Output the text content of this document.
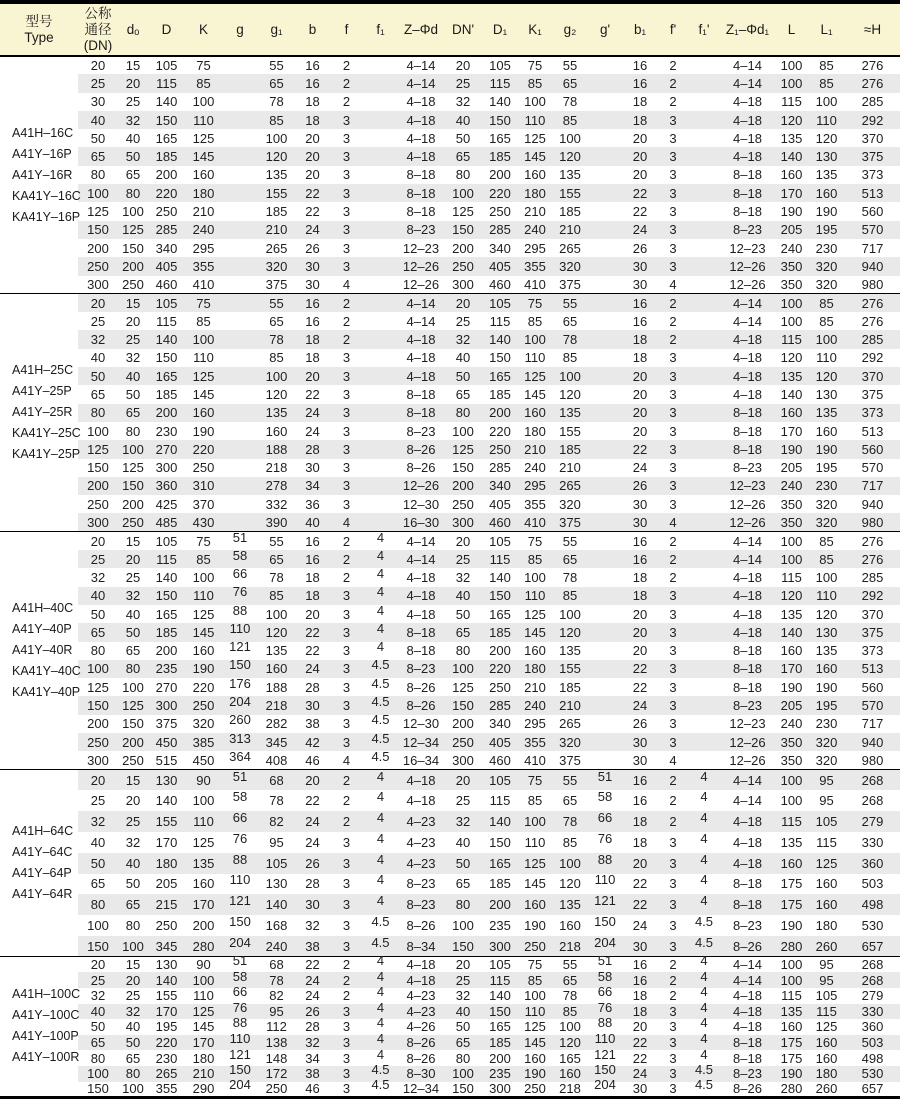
型号
Type	公称
通径
(DN)	dₒ	D	K	g	g₁	b	f	f₁	Z–Φd	DN'	D₁	K₁	g₂	g'	b₁	f'	f₁'	Z₁–Φd₁	L	L₁	≈H

A41H–16C
A41Y–16P
A41Y–16R
KA41Y–16C
KA41Y–16P	20	15	105	75		55	16	2		4–14	20	105	75	55		16	2		4–14	100	85	276
	25	20	115	85		65	16	2		4–14	25	115	85	65		16	2		4–14	100	85	276
	30	25	140	100		78	18	2		4–18	32	140	100	78		18	2		4–18	115	100	285
	40	32	150	110		85	18	3		4–18	40	150	110	85		18	3		4–18	120	110	292
	50	40	165	125		100	20	3		4–18	50	165	125	100		20	3		4–18	135	120	370
	65	50	185	145		120	20	3		4–18	65	185	145	120		20	3		4–18	140	130	375
	80	65	200	160		135	20	3		8–18	80	200	160	135		20	3		8–18	160	135	373
	100	80	220	180		155	22	3		8–18	100	220	180	155		22	3		8–18	170	160	513
	125	100	250	210		185	22	3		8–18	125	250	210	185		22	3		8–18	190	190	560
	150	125	285	240		210	24	3		8–23	150	285	240	210		24	3		8–23	205	195	570
	200	150	340	295		265	26	3		12–23	200	340	295	265		26	3		12–23	240	230	717
	250	200	405	355		320	30	3		12–26	250	405	355	320		30	3		12–26	350	320	940
	300	250	460	410		375	30	4		12–26	300	460	410	375		30	4		12–26	350	320	980

A41H–25C
A41Y–25P
A41Y–25R
KA41Y–25C
KA41Y–25P	20	15	105	75		55	16	2		4–14	20	105	75	55		16	2		4–14	100	85	276
	25	20	115	85		65	16	2		4–14	25	115	85	65		16	2		4–14	100	85	276
	32	25	140	100		78	18	2		4–18	32	140	100	78		18	2		4–18	115	100	285
	40	32	150	110		85	18	3		4–18	40	150	110	85		18	3		4–18	120	110	292
	50	40	165	125		100	20	3		4–18	50	165	125	100		20	3		4–18	135	120	370
	65	50	185	145		120	22	3		8–18	65	185	145	120		20	3		4–18	140	130	375
	80	65	200	160		135	24	3		8–18	80	200	160	135		20	3		8–18	160	135	373
	100	80	230	190		160	24	3		8–23	100	220	180	155		20	3		8–18	170	160	513
	125	100	270	220		188	28	3		8–26	125	250	210	185		22	3		8–18	190	190	560
	150	125	300	250		218	30	3		8–26	150	285	240	210		24	3		8–23	205	195	570
	200	150	360	310		278	34	3		12–26	200	340	295	265		26	3		12–23	240	230	717
	250	200	425	370		332	36	3		12–30	250	405	355	320		30	3		12–26	350	320	940
	300	250	485	430		390	40	4		16–30	300	460	410	375		30	4		12–26	350	320	980

A41H–40C
A41Y–40P
A41Y–40R
KA41Y–40C
KA41Y–40P	20	15	105	75	51	55	16	2	4	4–14	20	105	75	55		16	2		4–14	100	85	276
	25	20	115	85	58	65	16	2	4	4–14	25	115	85	65		16	2		4–14	100	85	276
	32	25	140	100	66	78	18	2	4	4–18	32	140	100	78		18	2		4–18	115	100	285
	40	32	150	110	76	85	18	3	4	4–18	40	150	110	85		18	3		4–18	120	110	292
	50	40	165	125	88	100	20	3	4	4–18	50	165	125	100		20	3		4–18	135	120	370
	65	50	185	145	110	120	22	3	4	8–18	65	185	145	120		20	3		4–18	140	130	375
	80	65	200	160	121	135	22	3	4	8–18	80	200	160	135		20	3		8–18	160	135	373
	100	80	235	190	150	160	24	3	4.5	8–23	100	220	180	155		22	3		8–18	170	160	513
	125	100	270	220	176	188	28	3	4.5	8–26	125	250	210	185		22	3		8–18	190	190	560
	150	125	300	250	204	218	30	3	4.5	8–26	150	285	240	210		24	3		8–23	205	195	570
	200	150	375	320	260	282	38	3	4.5	12–30	200	340	295	265		26	3		12–23	240	230	717
	250	200	450	385	313	345	42	3	4.5	12–34	250	405	355	320		30	3		12–26	350	320	940
	300	250	515	450	364	408	46	4	4.5	16–34	300	460	410	375		30	4		12–26	350	320	980

A41H–64C
A41Y–64C
A41Y–64P
A41Y–64R	20	15	130	90	51	68	20	2	4	4–18	20	105	75	55	51	16	2	4	4–14	100	95	268
	25	20	140	100	58	78	22	2	4	4–18	25	115	85	65	58	16	2	4	4–14	100	95	268
	32	25	155	110	66	82	24	2	4	4–23	32	140	100	78	66	18	2	4	4–18	115	105	279
	40	32	170	125	76	95	24	3	4	4–23	40	150	110	85	76	18	3	4	4–18	135	115	330
	50	40	180	135	88	105	26	3	4	4–23	50	165	125	100	88	20	3	4	4–18	160	125	360
	65	50	205	160	110	130	28	3	4	8–23	65	185	145	120	110	22	3	4	8–18	175	160	503
	80	65	215	170	121	140	30	3	4	8–23	80	200	160	135	121	22	3	4	8–18	175	160	498
	100	80	250	200	150	168	32	3	4.5	8–26	100	235	190	160	150	24	3	4.5	8–23	190	180	530
	150	100	345	280	204	240	38	3	4.5	8–34	150	300	250	218	204	30	3	4.5	8–26	280	260	657

A41H–100C
A41Y–100C
A41Y–100P
A41Y–100R	20	15	130	90	51	68	22	2	4	4–18	20	105	75	55	51	16	2	4	4–14	100	95	268
	25	20	140	100	58	78	24	2	4	4–18	25	115	85	65	58	16	2	4	4–14	100	95	268
	32	25	155	110	66	82	24	2	4	4–23	32	140	100	78	66	18	2	4	4–18	115	105	279
	40	32	170	125	76	95	26	3	4	4–23	40	150	110	85	76	18	3	4	4–18	135	115	330
	50	40	195	145	88	112	28	3	4	4–26	50	165	125	100	88	20	3	4	4–18	160	125	360
	65	50	220	170	110	138	32	3	4	8–26	65	185	145	120	110	22	3	4	8–18	175	160	503
	80	65	230	180	121	148	34	3	4	8–26	80	200	160	165	121	22	3	4	8–18	175	160	498
	100	80	265	210	150	172	38	3	4.5	8–30	100	235	190	160	150	24	3	4.5	8–23	190	180	530
	150	100	355	290	204	250	46	3	4.5	12–34	150	300	250	218	204	30	3	4.5	8–26	280	260	657
